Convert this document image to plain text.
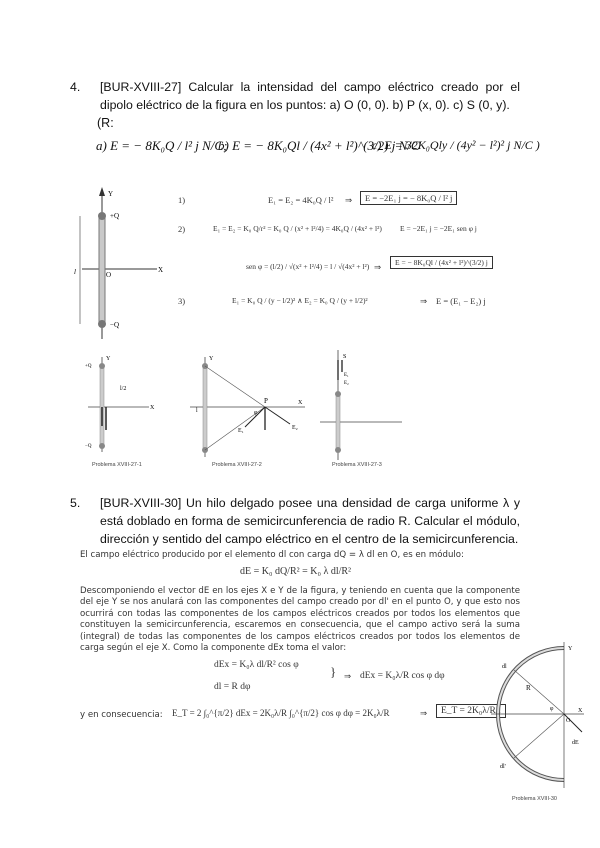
4.	[BUR-XVIII-27] Calcular la intensidad del campo eléctrico creado por el dipolo eléctrico de la figura en los puntos: a) O (0, 0). b) P (x, 0). c) S (0, y).
(R:
a) E = − 8K₀Q / l² j N/C;
b) E = − 8K₀Ql / (4x² + l²)^(3/2) j N/C
c) E = 32K₀Qly / (4y² − l²)² j N/C )
Y
X
+Q
−Q
O
l
1)	E₁ = E₂ = 4K₀Q / l² ⇒	E = −2E₁ j = − 8K₀Q / l² j
2)	E₁ = E₂ = K₀ Q/r² = K₀ Q / (x² + l²/4) = 4K₀Q / (4x² + l²) E = −2E₁ j = −2E₁ sen φ j
sen φ = (l/2) / √(x² + l²/4) = l / √(4x² + l²) ⇒	E = − 8K₀Ql / (4x² + l²)^(3/2) j
3)	E₁ = K₀ Q / (y − l/2)² ∧ E₂ = K₀ Q / (y + l/2)²	⇒ E = (E₁ − E₂) j
Y
X
l/2
+Q
−Q
Problema XVIII-27-1
Y
X
P
E₂
E₁
φ
l
Problema XVIII-27-2
S
E₁
E₂
Problema XVIII-27-3
5.	[BUR-XVIII-30] Un hilo delgado posee una densidad de carga uniforme λ y está doblado en forma de semicircunferencia de radio R. Calcular el módulo, dirección y sentido del campo eléctrico en el centro de la semicircunferencia.
El campo eléctrico producido por el elemento dl con carga dQ = λ dl en O, es en módulo:
dE = K₀ dQ/R² = K₀ λ dl/R²
Descomponiendo el vector dE en los ejes X e Y de la figura, y teniendo en cuenta que la componente del eje Y se nos anulará con las componentes del campo creado por dl' en el punto O, y que esto nos ocurrirá con todas las componentes de los campos eléctricos creados por todos los elementos que constituyen la semicircunferencia, escaremos en consecuencia, que el campo activo será la suma (integral) de todas las componentes de los campos eléctricos creados por todos los elementos de carga según el eje X. Como la componente dEx toma el valor:
dEx = K₀λ dl/R² cos φ
dl = R dφ
} ⇒ dEx = K₀λ/R cos φ dφ
y en consecuencia: E_T = 2 ∫₀^{π/2} dEx = 2K₀λ/R ∫₀^{π/2} cos φ dφ = 2K₀λ/R	⇒	E_T = 2K₀λ/R i
R
O
X
Y
dl
dl'
dE
φ
Problema XVIII-30
